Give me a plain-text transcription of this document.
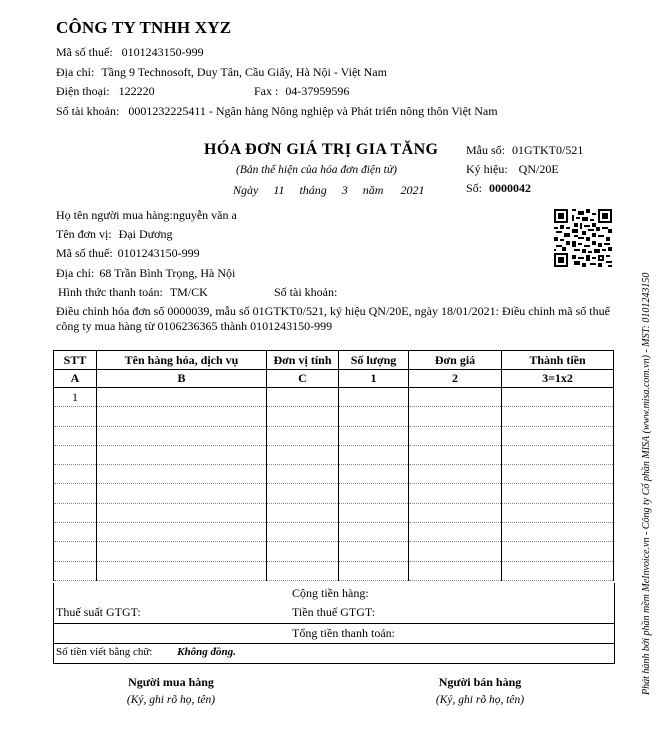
CÔNG TY TNHH XYZ
Mã số thuế: 0101243150-999
Địa chỉ: Tầng 9 Technosoft, Duy Tân, Cầu Giấy, Hà Nội - Việt Nam
Điện thoại: 122220	Fax : 04-37959596
Số tài khoản: 0001232225411 - Ngân hàng Nông nghiệp và Phát triển nông thôn Việt Nam
HÓA ĐƠN GIÁ TRỊ GIA TĂNG
(Bản thể hiện của hóa đơn điện tử)
Ngày 11 tháng 3 năm 2021
Mẫu số: 01GTKT0/521
Ký hiệu: QN/20E
Số: 0000042
Họ tên người mua hàng:nguyễn văn a
Tên đơn vị: Đại Dương
Mã số thuế: 0101243150-999
Địa chỉ: 68 Trần Bình Trọng, Hà Nội
Hình thức thanh toán: TM/CK	Số tài khoản:
Điều chỉnh hóa đơn số 0000039, mẫu số 01GTKT0/521, ký hiệu QN/20E, ngày 18/01/2021: Điều chỉnh mã số thuế công ty mua hàng từ 0106236365 thành 0101243150-999
STT	Tên hàng hóa, dịch vụ	Đơn vị tính	Số lượng	Đơn giá	Thành tiền
A	B	C	1	2	3=1x2
1					

Cộng tiền hàng:
Thuế suất GTGT:	Tiền thuế GTGT:
Tổng tiền thanh toán:
Số tiền viết bằng chữ: Không đồng.
Người mua hàng
(Ký, ghi rõ họ, tên)
Người bán hàng
(Ký, ghi rõ họ, tên)
Phát hành bởi phần mềm MeInvoice.vn - Công ty Cổ phần MISA (www.misa.com.vn) - MST: 0101243150
